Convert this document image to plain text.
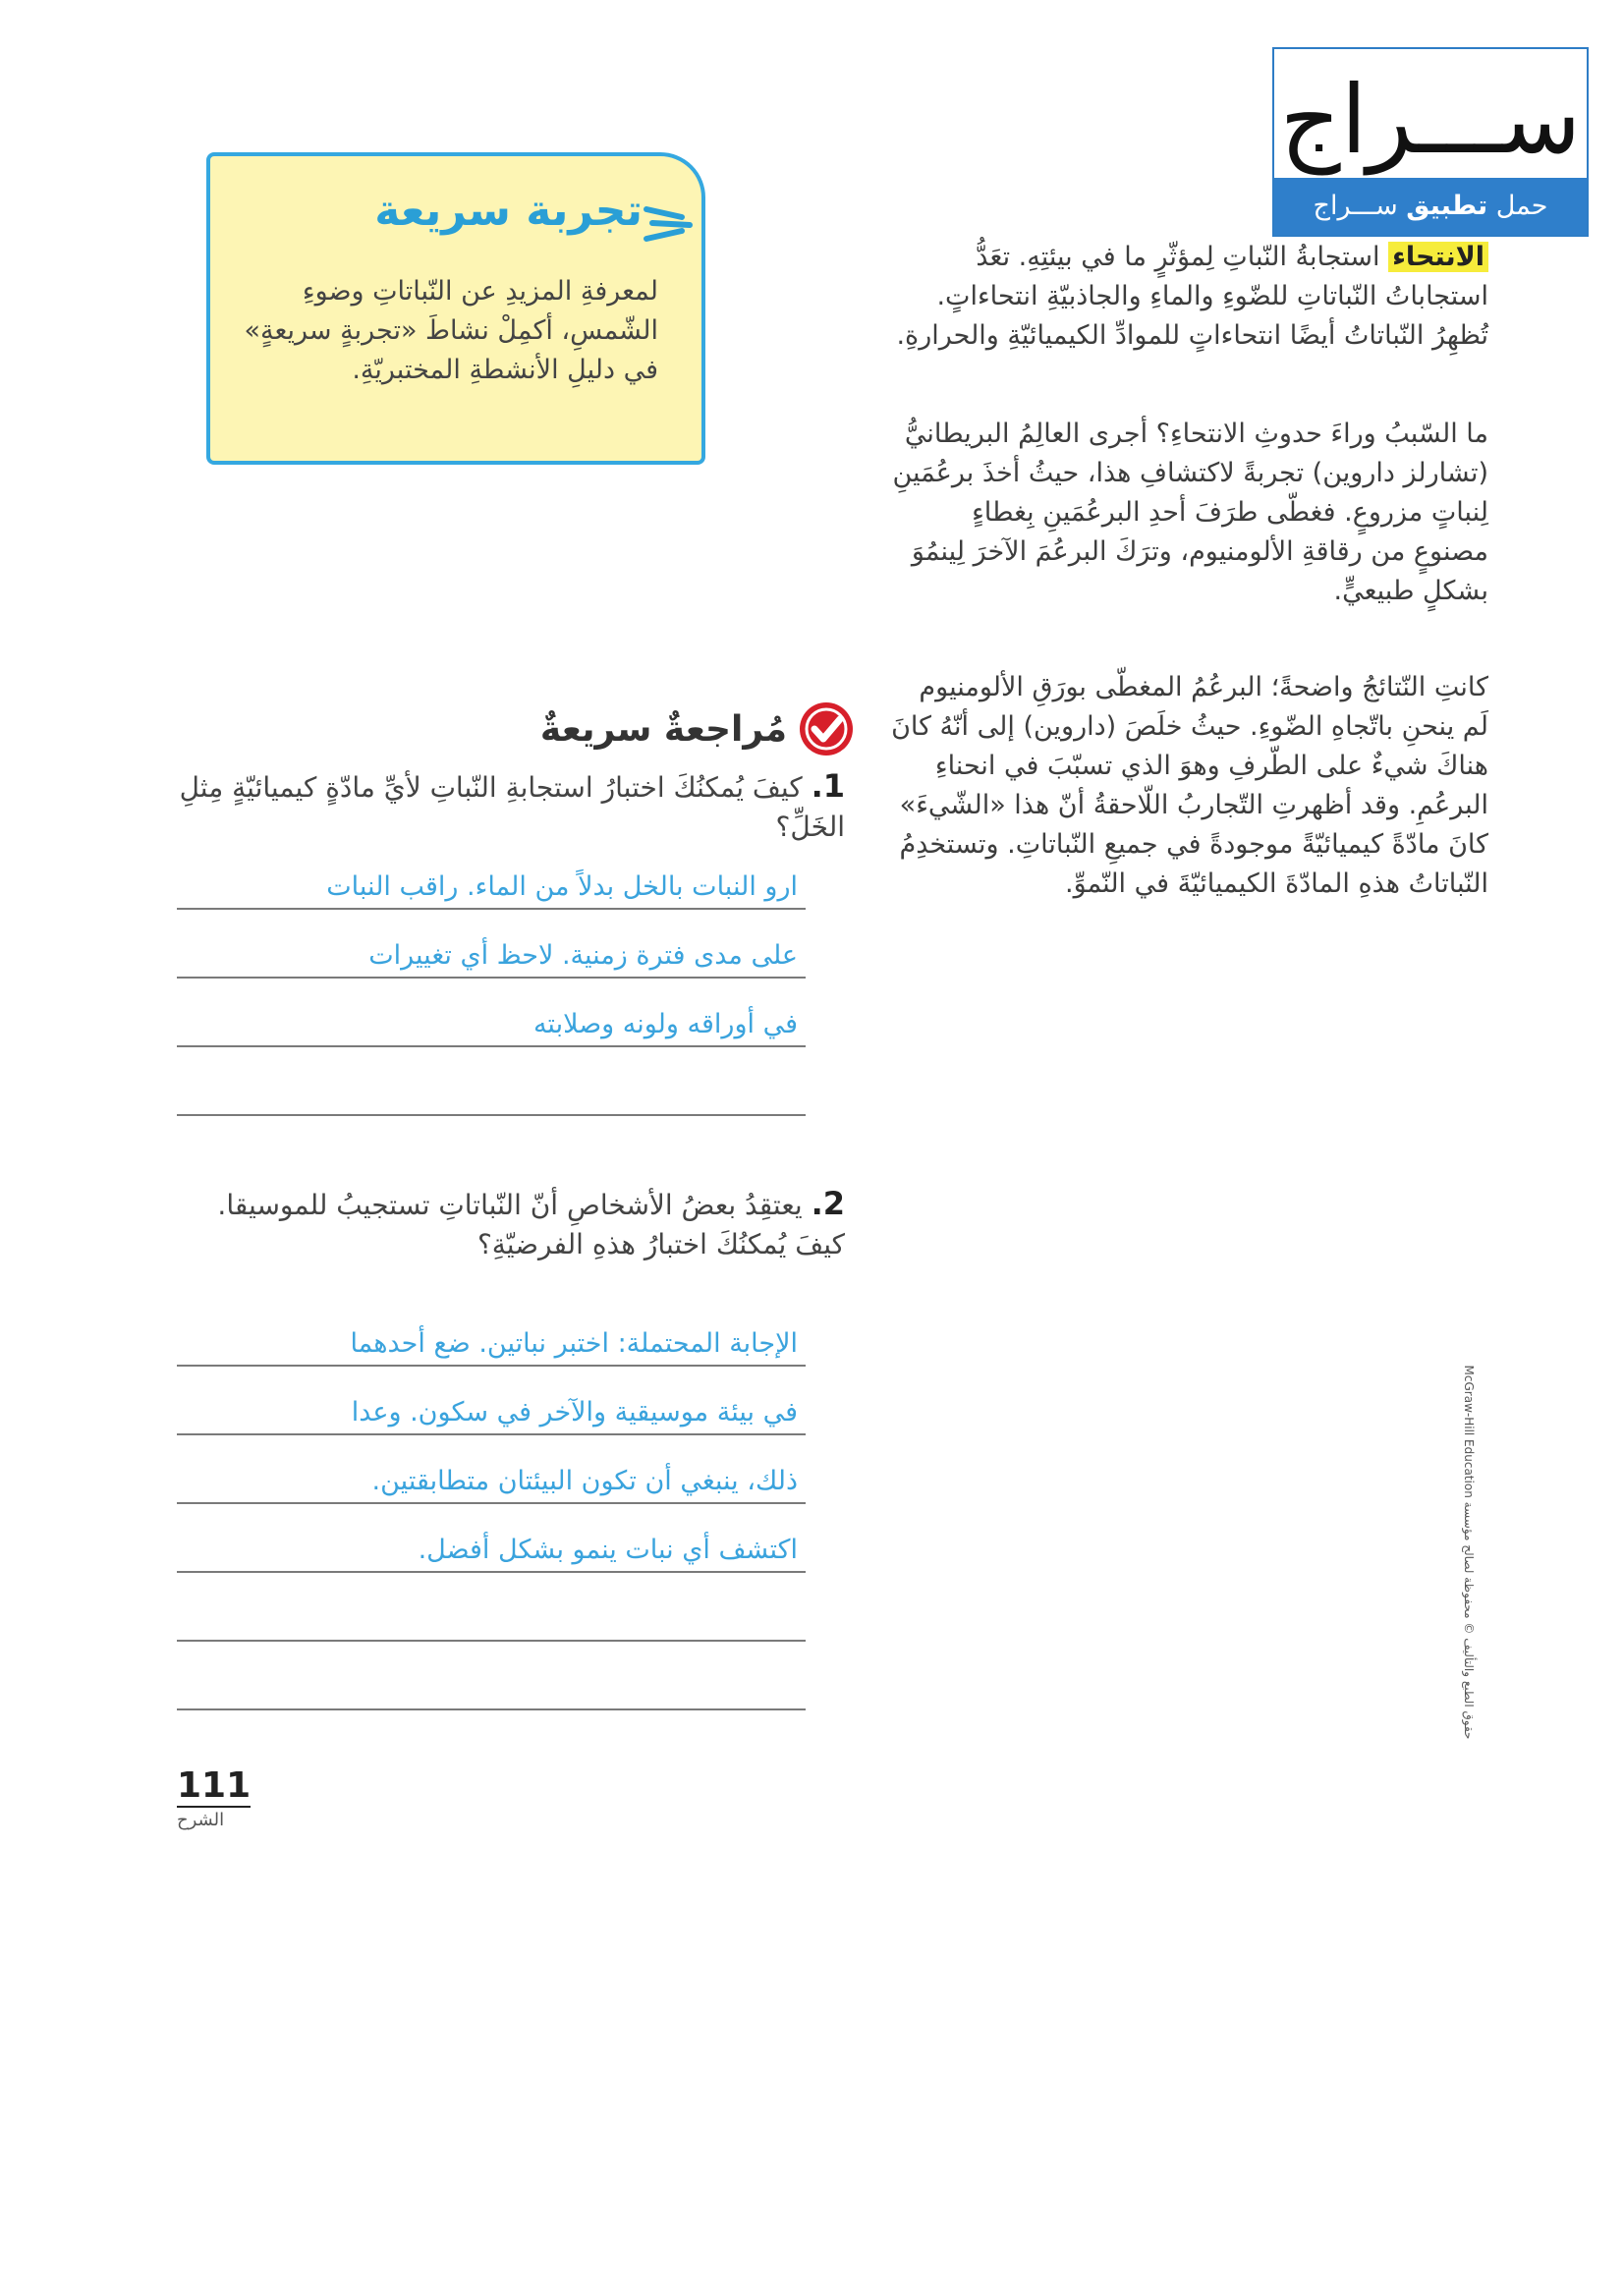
ســـراج
حمل تطبيق ســـراج
تجربة سريعة
لمعرفةِ المزيدِ عن النّباتاتِ وضوءِ الشّمسِ، أكمِلْ نشاطَ «تجربةٍ سريعةٍ» في دليلِ الأنشطةِ المختبريّةِ.
الانتحاء استجابةُ النّباتِ لِمؤثّرٍ ما في بيئتِهِ. تعَدُّ استجاباتُ النّباتاتِ للضّوءِ والماءِ والجاذبيّةِ انتحاءاتٍ. تُظهِرُ النّباتاتُ أيضًا انتحاءاتٍ للموادِّ الكيميائيّةِ والحرارةِ.
ما السّببُ وراءَ حدوثِ الانتحاءِ؟ أجرى العالِمُ البريطانيُّ (تشارلز داروين) تجربةً لاكتشافِ هذا، حيثُ أخذَ برعُمَينِ لِنباتٍ مزروعٍ. فغطّى طرَفَ أحدِ البرعُمَينِ بِغطاءٍ مصنوعٍ من رقاقةِ الألومنيوم، وترَكَ البرعُمَ الآخرَ لِينمُوَ بشكلٍ طبيعيٍّ.
كانتِ النّتائجُ واضحةً؛ البرعُمُ المغطّى بورَقِ الألومنيوم لَم ينحنِ باتّجاهِ الضّوءِ. حيثُ خلَصَ (داروين) إلى أنّهُ كانَ هناكَ شيءٌ على الطّرفِ وهوَ الذي تسبّبَ في انحناءِ البرعُمِ. وقد أظهرتِ التّجاربُ اللّاحقةُ أنّ هذا «الشّيءَ» كانَ مادّةً كيميائيّةً موجودةً في جميعِ النّباتاتِ. وتستخدِمُ النّباتاتُ هذهِ المادّةَ الكيميائيّةَ في النّموِّ.
مُراجعةٌ سريعةٌ
1. كيفَ يُمكنُكَ اختبارُ استجابةِ النّباتِ لأيِّ مادّةٍ كيميائيّةٍ مِثلِ الخَلِّ؟
ارو النبات بالخل بدلاً من الماء. راقب النبات
على مدى فترة زمنية. لاحظ أي تغييرات
في أوراقه ولونه وصلابته
2. يعتقِدُ بعضُ الأشخاصِ أنّ النّباتاتِ تستجيبُ للموسيقا. كيفَ يُمكنُكَ اختبارُ هذهِ الفرضيّةِ؟
الإجابة المحتملة: اختبر نباتين. ضع أحدهما
في بيئة موسيقية والآخر في سكون. وعدا
ذلك، ينبغي أن تكون البيئتان متطابقتين.
اكتشف أي نبات ينمو بشكل أفضل.
111
الشرح
حقوق الطبع والتأليف © محفوظة لصالح مؤسسة McGraw-Hill Education
